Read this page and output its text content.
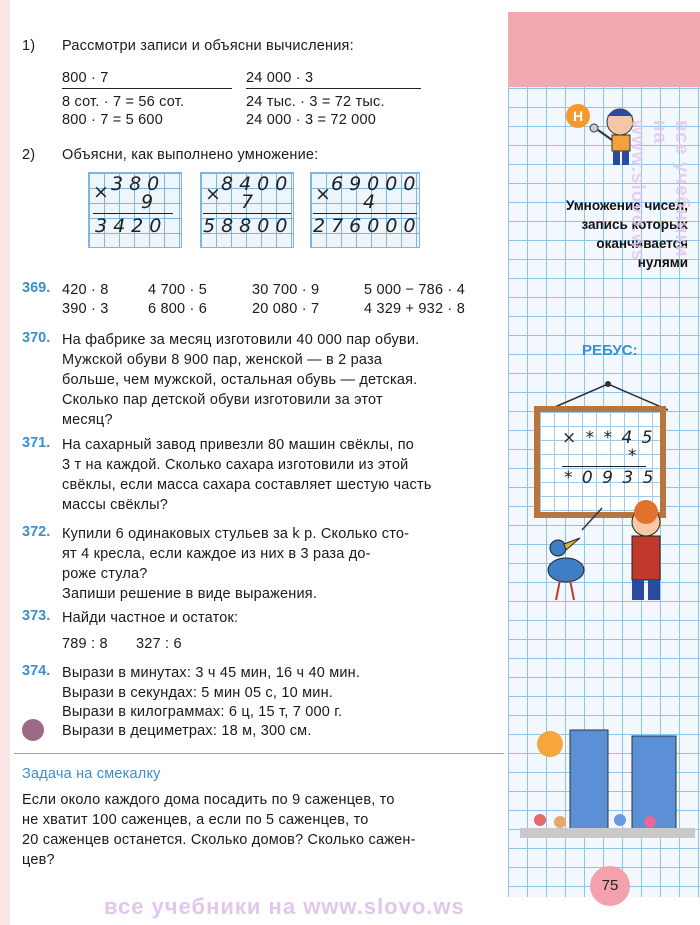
1) Рассмотри записи и объясни вычисления:
800 · 7
8 сот. · 7 = 56 сот.
800 · 7 = 5 600
24 000 · 3
24 тыс. · 3 = 72 тыс.
24 000 · 3 = 72 000
2) Объясни, как выполнено умножение:
×
380
9
3420
×
8400
7
58800
×
69000
4
276000
369. 420 · 8	4 700 · 5	30 700 · 9	5 000 − 786 · 4
390 · 3	6 800 · 6	20 080 · 7	4 329 + 932 · 8
370. На фабрике за месяц изготовили 40 000 пар обуви.
Мужской обуви 8 900 пар, женской — в 2 раза
больше, чем мужской, остальная обувь — детская.
Сколько пар детской обуви изготовили за этот
месяц?
371. На сахарный завод привезли 80 машин свёклы, по
3 т на каждой. Сколько сахара изготовили из этой
свёклы, если масса сахара составляет шестую часть
массы свёклы?
372. Купили 6 одинаковых стульев за k р. Сколько сто-
ят 4 кресла, если каждое из них в 3 раза до-
роже стула?
Запиши решение в виде выражения.
373. Найди частное и остаток:
789 : 8 327 : 6
374. Вырази в минутах: 3 ч 45 мин, 16 ч 40 мин.
Вырази в секундах: 5 мин 05 с, 10 мин.
Вырази в килограммах: 6 ц, 15 т, 7 000 г.
Вырази в дециметрах: 18 м, 300 см.
Задача на смекалку
Если около каждого дома посадить по 9 саженцев, то
не хватит 100 саженцев, а если по 5 саженцев, то
20 саженцев останется. Сколько домов? Сколько сажен-
цев?
Н
Умножение чисел,
запись которых
оканчивается
нулями
РЕБУС:
× * * 4 5
*
* 0 9 3 5
75
все учебники на www.slovo.ws
все учебники на www.slovo.ws
